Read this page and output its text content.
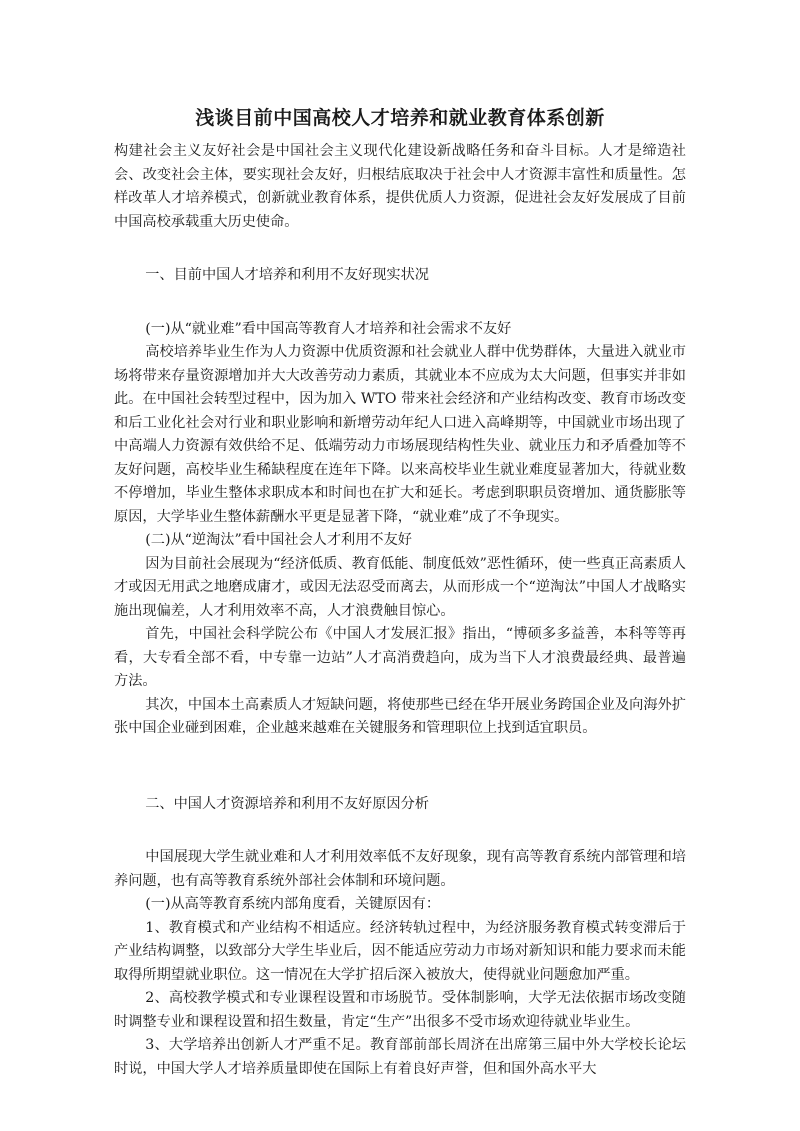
浅谈目前中国高校人才培养和就业教育体系创新

构建社会主义友好社会是中国社会主义现代化建设新战略任务和奋斗目标。人才是缔造社会、改变社会主体，要实现社会友好，归根结底取决于社会中人才资源丰富性和质量性。怎样改革人才培养模式，创新就业教育体系，提供优质人力资源，促进社会友好发展成了目前中国高校承载重大历史使命。

一、目前中国人才培养和利用不友好现实状况

(一)从“就业难”看中国高等教育人才培养和社会需求不友好

高校培养毕业生作为人力资源中优质资源和社会就业人群中优势群体，大量进入就业市场将带来存量资源增加并大大改善劳动力素质，其就业本不应成为太大问题，但事实并非如此。在中国社会转型过程中，因为加入 WTO 带来社会经济和产业结构改变、教育市场改变和后工业化社会对行业和职业影响和新增劳动年纪人口进入高峰期等，中国就业市场出现了中高端人力资源有效供给不足、低端劳动力市场展现结构性失业、就业压力和矛盾叠加等不友好问题，高校毕业生稀缺程度在连年下降。以来高校毕业生就业难度显著加大，待就业数不停增加，毕业生整体求职成本和时间也在扩大和延长。考虑到职职员资增加、通货膨胀等原因，大学毕业生整体薪酬水平更是显著下降，“就业难”成了不争现实。

(二)从“逆淘汰”看中国社会人才利用不友好

因为目前社会展现为“经济低质、教育低能、制度低效”恶性循环，使一些真正高素质人才或因无用武之地磨成庸才，或因无法忍受而离去，从而形成一个“逆淘汰”中国人才战略实施出现偏差，人才利用效率不高，人才浪费触目惊心。

首先，中国社会科学院公布《中国人才发展汇报》指出，“博硕多多益善，本科等等再看，大专看全部不看，中专靠一边站”人才高消费趋向，成为当下人才浪费最经典、最普遍方法。

其次，中国本土高素质人才短缺问题，将使那些已经在华开展业务跨国企业及向海外扩张中国企业碰到困难，企业越来越难在关键服务和管理职位上找到适宜职员。

二、中国人才资源培养和利用不友好原因分析

中国展现大学生就业难和人才利用效率低不友好现象，现有高等教育系统内部管理和培养问题，也有高等教育系统外部社会体制和环境问题。

(一)从高等教育系统内部角度看，关键原因有：

1、教育模式和产业结构不相适应。经济转轨过程中，为经济服务教育模式转变滞后于产业结构调整，以致部分大学生毕业后，因不能适应劳动力市场对新知识和能力要求而未能取得所期望就业职位。这一情况在大学扩招后深入被放大，使得就业问题愈加严重。

2、高校教学模式和专业课程设置和市场脱节。受体制影响，大学无法依据市场改变随时调整专业和课程设置和招生数量，肯定“生产”出很多不受市场欢迎待就业毕业生。

3、大学培养出创新人才严重不足。教育部前部长周济在出席第三届中外大学校长论坛时说，中国大学人才培养质量即使在国际上有着良好声誉，但和国外高水平大
